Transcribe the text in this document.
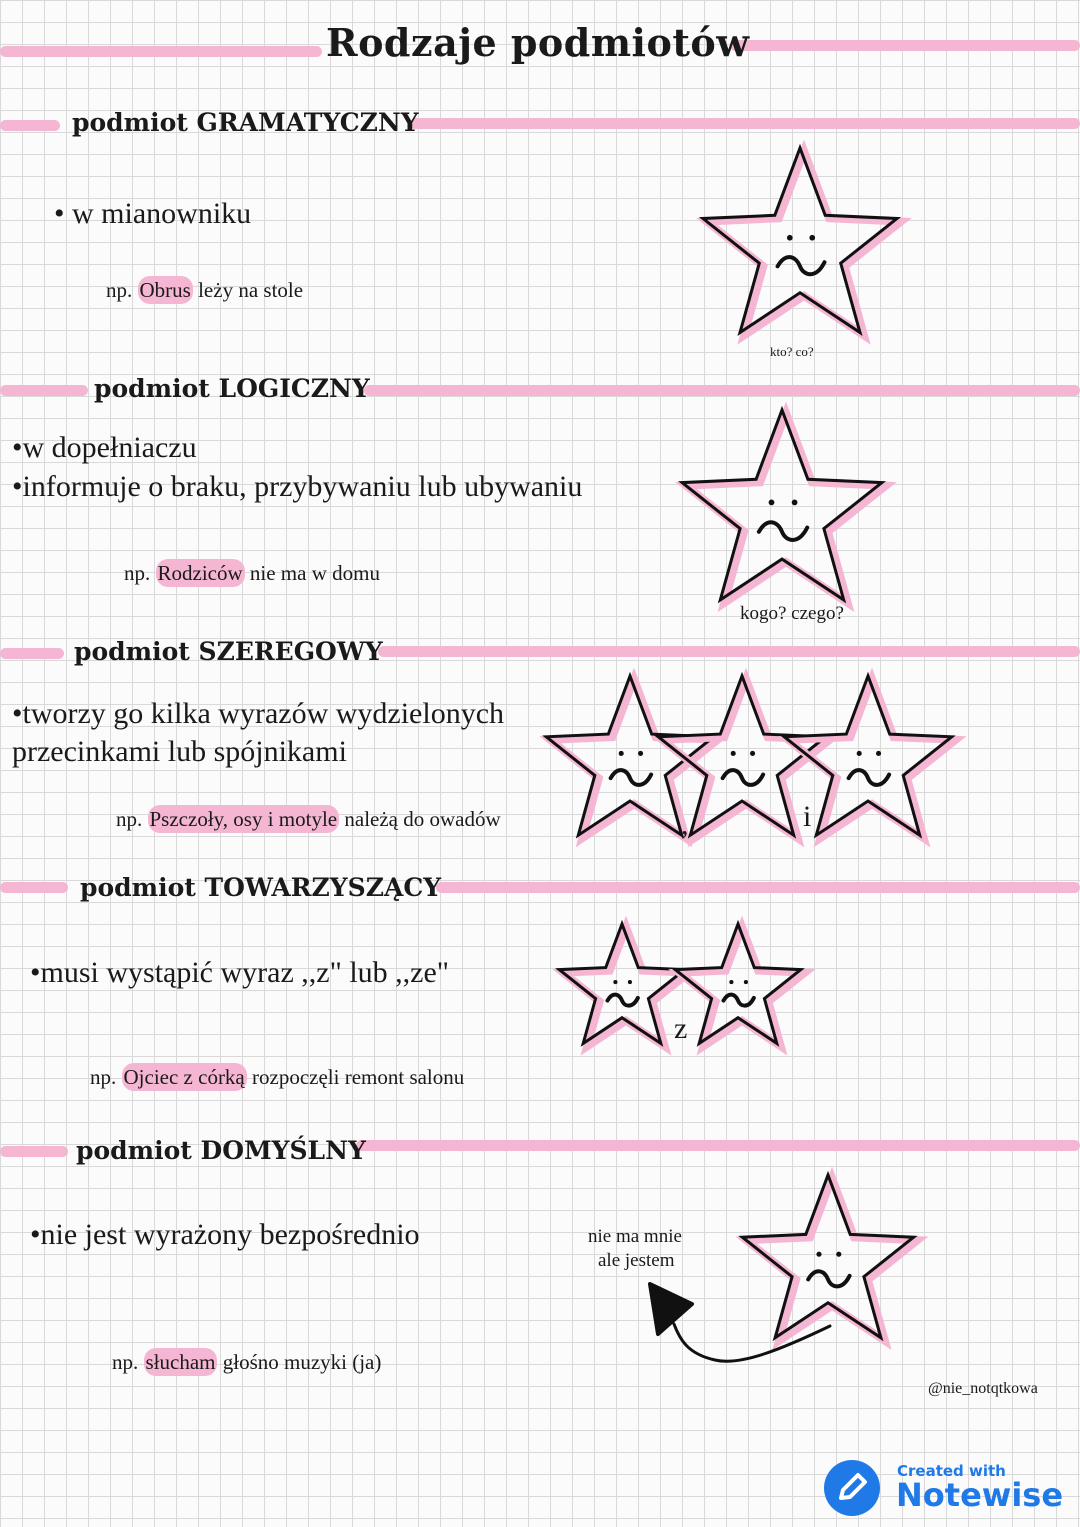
Rodzaje podmiotów
podmiot GRAMATYCZNY
• w mianowniku
np. Obrus leży na stole
kto? co?
podmiot LOGICZNY
•w dopełniaczu
•informuje o braku, przybywaniu lub ubywaniu
np. Rodziców nie ma w domu
kogo? czego?
podmiot SZEREGOWY
•tworzy go kilka wyrazów wydzielonych
przecinkami lub spójnikami
np. Pszczoły, osy i motyle należą do owadów	,	i
podmiot TOWARZYSZĄCY
•musi wystąpić wyraz ,,z" lub ,,ze"
np. Ojciec z córką rozpoczęli remont salonu
z
podmiot DOMYŚLNY
•nie jest wyrażony bezpośrednio
np. słucham głośno muzyki (ja)
nie ma mnie
ale jestem
@nie_notqtkowa
Created with
Notewise
